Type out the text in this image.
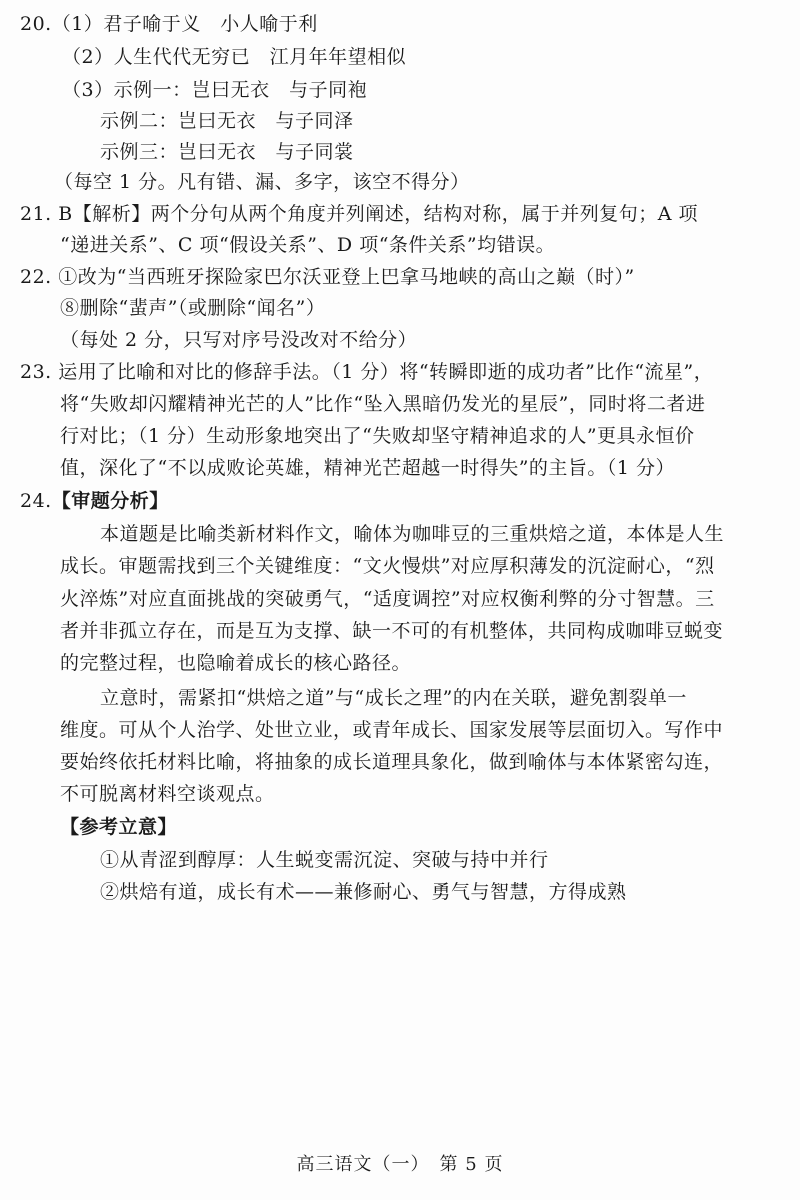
20.（1）君子喻于义　小人喻于利
（2）人生代代无穷已　江月年年望相似
（3）示例一：岂曰无衣　与子同袍
示例二：岂曰无衣　与子同泽
示例三：岂曰无衣　与子同裳
（每空 1 分。凡有错、漏、多字，该空不得分）
21. B【解析】两个分句从两个角度并列阐述，结构对称，属于并列复句；A 项
“递进关系”、C 项“假设关系”、D 项“条件关系”均错误。
22. ①改为“当西班牙探险家巴尔沃亚登上巴拿马地峡的高山之巅（时）”
⑧删除“蜚声”（或删除“闻名”）
（每处 2 分，只写对序号没改对不给分）
23. 运用了比喻和对比的修辞手法。（1 分）将“转瞬即逝的成功者”比作“流星”，
将“失败却闪耀精神光芒的人”比作“坠入黑暗仍发光的星辰”，同时将二者进
行对比；（1 分）生动形象地突出了“失败却坚守精神追求的人”更具永恒价
值，深化了“不以成败论英雄，精神光芒超越一时得失”的主旨。（1 分）
24.【审题分析】
本道题是比喻类新材料作文，喻体为咖啡豆的三重烘焙之道，本体是人生
成长。审题需找到三个关键维度：“文火慢烘”对应厚积薄发的沉淀耐心，“烈
火淬炼”对应直面挑战的突破勇气，“适度调控”对应权衡利弊的分寸智慧。三
者并非孤立存在，而是互为支撑、缺一不可的有机整体，共同构成咖啡豆蜕变
的完整过程，也隐喻着成长的核心路径。
立意时，需紧扣“烘焙之道”与“成长之理”的内在关联，避免割裂单一
维度。可从个人治学、处世立业，或青年成长、国家发展等层面切入。写作中
要始终依托材料比喻，将抽象的成长道理具象化，做到喻体与本体紧密勾连，
不可脱离材料空谈观点。
【参考立意】
①从青涩到醇厚：人生蜕变需沉淀、突破与持中并行
②烘焙有道，成长有术——兼修耐心、勇气与智慧，方得成熟
高三语文（一）　第 5 页
